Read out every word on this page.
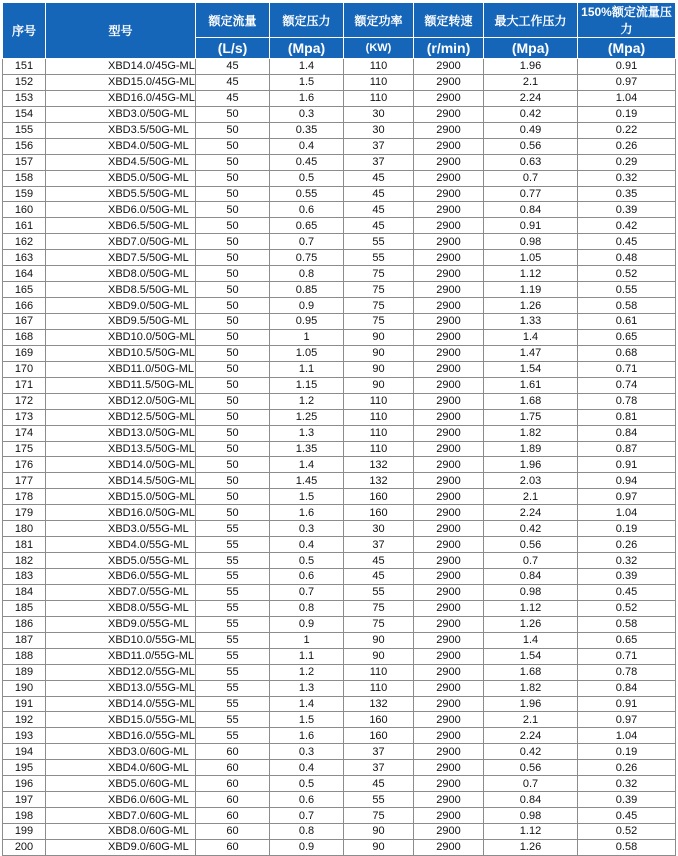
序号	型号	额定流量	额定压力	额定功率	额定转速	最大工作压力	150%额定流量压力
		(L/s)	(Mpa)	(KW)	(r/min)	(Mpa)	(Mpa)
151	XBD14.0/45G-ML	45	1.4	110	2900	1.96	0.91
152	XBD15.0/45G-ML	45	1.5	110	2900	2.1	0.97
153	XBD16.0/45G-ML	45	1.6	110	2900	2.24	1.04
154	XBD3.0/50G-ML	50	0.3	30	2900	0.42	0.19
155	XBD3.5/50G-ML	50	0.35	30	2900	0.49	0.22
156	XBD4.0/50G-ML	50	0.4	37	2900	0.56	0.26
157	XBD4.5/50G-ML	50	0.45	37	2900	0.63	0.29
158	XBD5.0/50G-ML	50	0.5	45	2900	0.7	0.32
159	XBD5.5/50G-ML	50	0.55	45	2900	0.77	0.35
160	XBD6.0/50G-ML	50	0.6	45	2900	0.84	0.39
161	XBD6.5/50G-ML	50	0.65	45	2900	0.91	0.42
162	XBD7.0/50G-ML	50	0.7	55	2900	0.98	0.45
163	XBD7.5/50G-ML	50	0.75	55	2900	1.05	0.48
164	XBD8.0/50G-ML	50	0.8	75	2900	1.12	0.52
165	XBD8.5/50G-ML	50	0.85	75	2900	1.19	0.55
166	XBD9.0/50G-ML	50	0.9	75	2900	1.26	0.58
167	XBD9.5/50G-ML	50	0.95	75	2900	1.33	0.61
168	XBD10.0/50G-ML	50	1	90	2900	1.4	0.65
169	XBD10.5/50G-ML	50	1.05	90	2900	1.47	0.68
170	XBD11.0/50G-ML	50	1.1	90	2900	1.54	0.71
171	XBD11.5/50G-ML	50	1.15	90	2900	1.61	0.74
172	XBD12.0/50G-ML	50	1.2	110	2900	1.68	0.78
173	XBD12.5/50G-ML	50	1.25	110	2900	1.75	0.81
174	XBD13.0/50G-ML	50	1.3	110	2900	1.82	0.84
175	XBD13.5/50G-ML	50	1.35	110	2900	1.89	0.87
176	XBD14.0/50G-ML	50	1.4	132	2900	1.96	0.91
177	XBD14.5/50G-ML	50	1.45	132	2900	2.03	0.94
178	XBD15.0/50G-ML	50	1.5	160	2900	2.1	0.97
179	XBD16.0/50G-ML	50	1.6	160	2900	2.24	1.04
180	XBD3.0/55G-ML	55	0.3	30	2900	0.42	0.19
181	XBD4.0/55G-ML	55	0.4	37	2900	0.56	0.26
182	XBD5.0/55G-ML	55	0.5	45	2900	0.7	0.32
183	XBD6.0/55G-ML	55	0.6	45	2900	0.84	0.39
184	XBD7.0/55G-ML	55	0.7	55	2900	0.98	0.45
185	XBD8.0/55G-ML	55	0.8	75	2900	1.12	0.52
186	XBD9.0/55G-ML	55	0.9	75	2900	1.26	0.58
187	XBD10.0/55G-ML	55	1	90	2900	1.4	0.65
188	XBD11.0/55G-ML	55	1.1	90	2900	1.54	0.71
189	XBD12.0/55G-ML	55	1.2	110	2900	1.68	0.78
190	XBD13.0/55G-ML	55	1.3	110	2900	1.82	0.84
191	XBD14.0/55G-ML	55	1.4	132	2900	1.96	0.91
192	XBD15.0/55G-ML	55	1.5	160	2900	2.1	0.97
193	XBD16.0/55G-ML	55	1.6	160	2900	2.24	1.04
194	XBD3.0/60G-ML	60	0.3	37	2900	0.42	0.19
195	XBD4.0/60G-ML	60	0.4	37	2900	0.56	0.26
196	XBD5.0/60G-ML	60	0.5	45	2900	0.7	0.32
197	XBD6.0/60G-ML	60	0.6	55	2900	0.84	0.39
198	XBD7.0/60G-ML	60	0.7	75	2900	0.98	0.45
199	XBD8.0/60G-ML	60	0.8	90	2900	1.12	0.52
200	XBD9.0/60G-ML	60	0.9	90	2900	1.26	0.58
